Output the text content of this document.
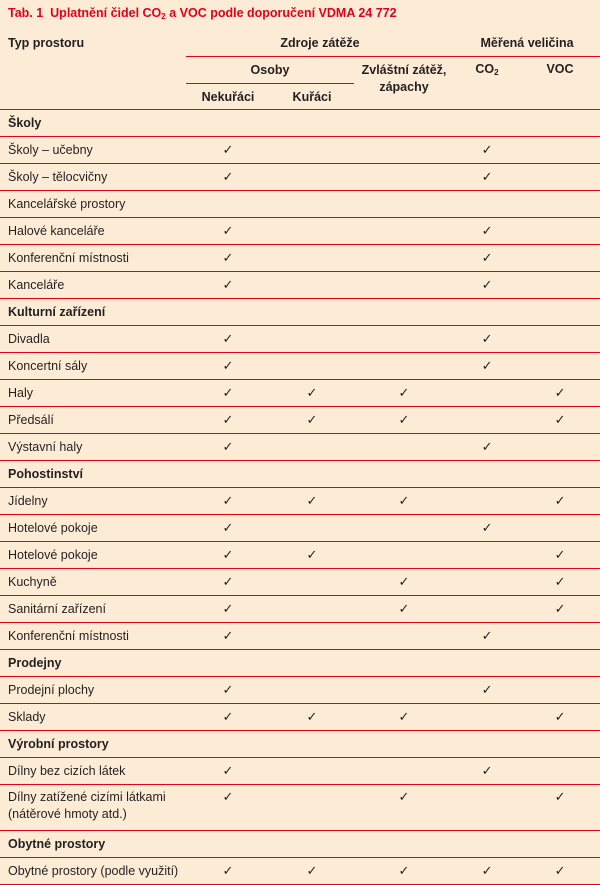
Tab. 1 Uplatnění čidel $CO_2$ a VOC podle doporučení VDMA 24 772
Typ prostoru	Zdroje zátěže			Měřená veličina	
	Osoby		Zvláštní zátěž,
zápachy	$CO_2$	VOC
	Nekuřáci	Kuřáci			

Školy					
Školy – učebny	✓			✓	
Školy – tělocvičny	✓			✓	
Kancelářské prostory					
Halové kanceláře	✓			✓	
Konferenční místnosti	✓			✓	
Kanceláře	✓			✓	
Kulturní zařízení					
Divadla	✓			✓	
Koncertní sály	✓			✓	
Haly	✓	✓	✓		✓
Předsálí	✓	✓	✓		✓
Výstavní haly	✓			✓	
Pohostinství					
Jídelny	✓	✓	✓		✓
Hotelové pokoje	✓			✓	
Hotelové pokoje	✓	✓			✓
Kuchyně	✓		✓		✓
Sanitární zařízení	✓		✓		✓
Konferenční místnosti	✓			✓	
Prodejny					
Prodejní plochy	✓			✓	
Sklady	✓	✓	✓		✓
Výrobní prostory					
Dílny bez cizích látek	✓			✓	
Dílny zatížené cizími látkami
(nátěrové hmoty atd.)	✓		✓		✓
Obytné prostory					
Obytné prostory (podle využití)	✓	✓	✓	✓	✓
